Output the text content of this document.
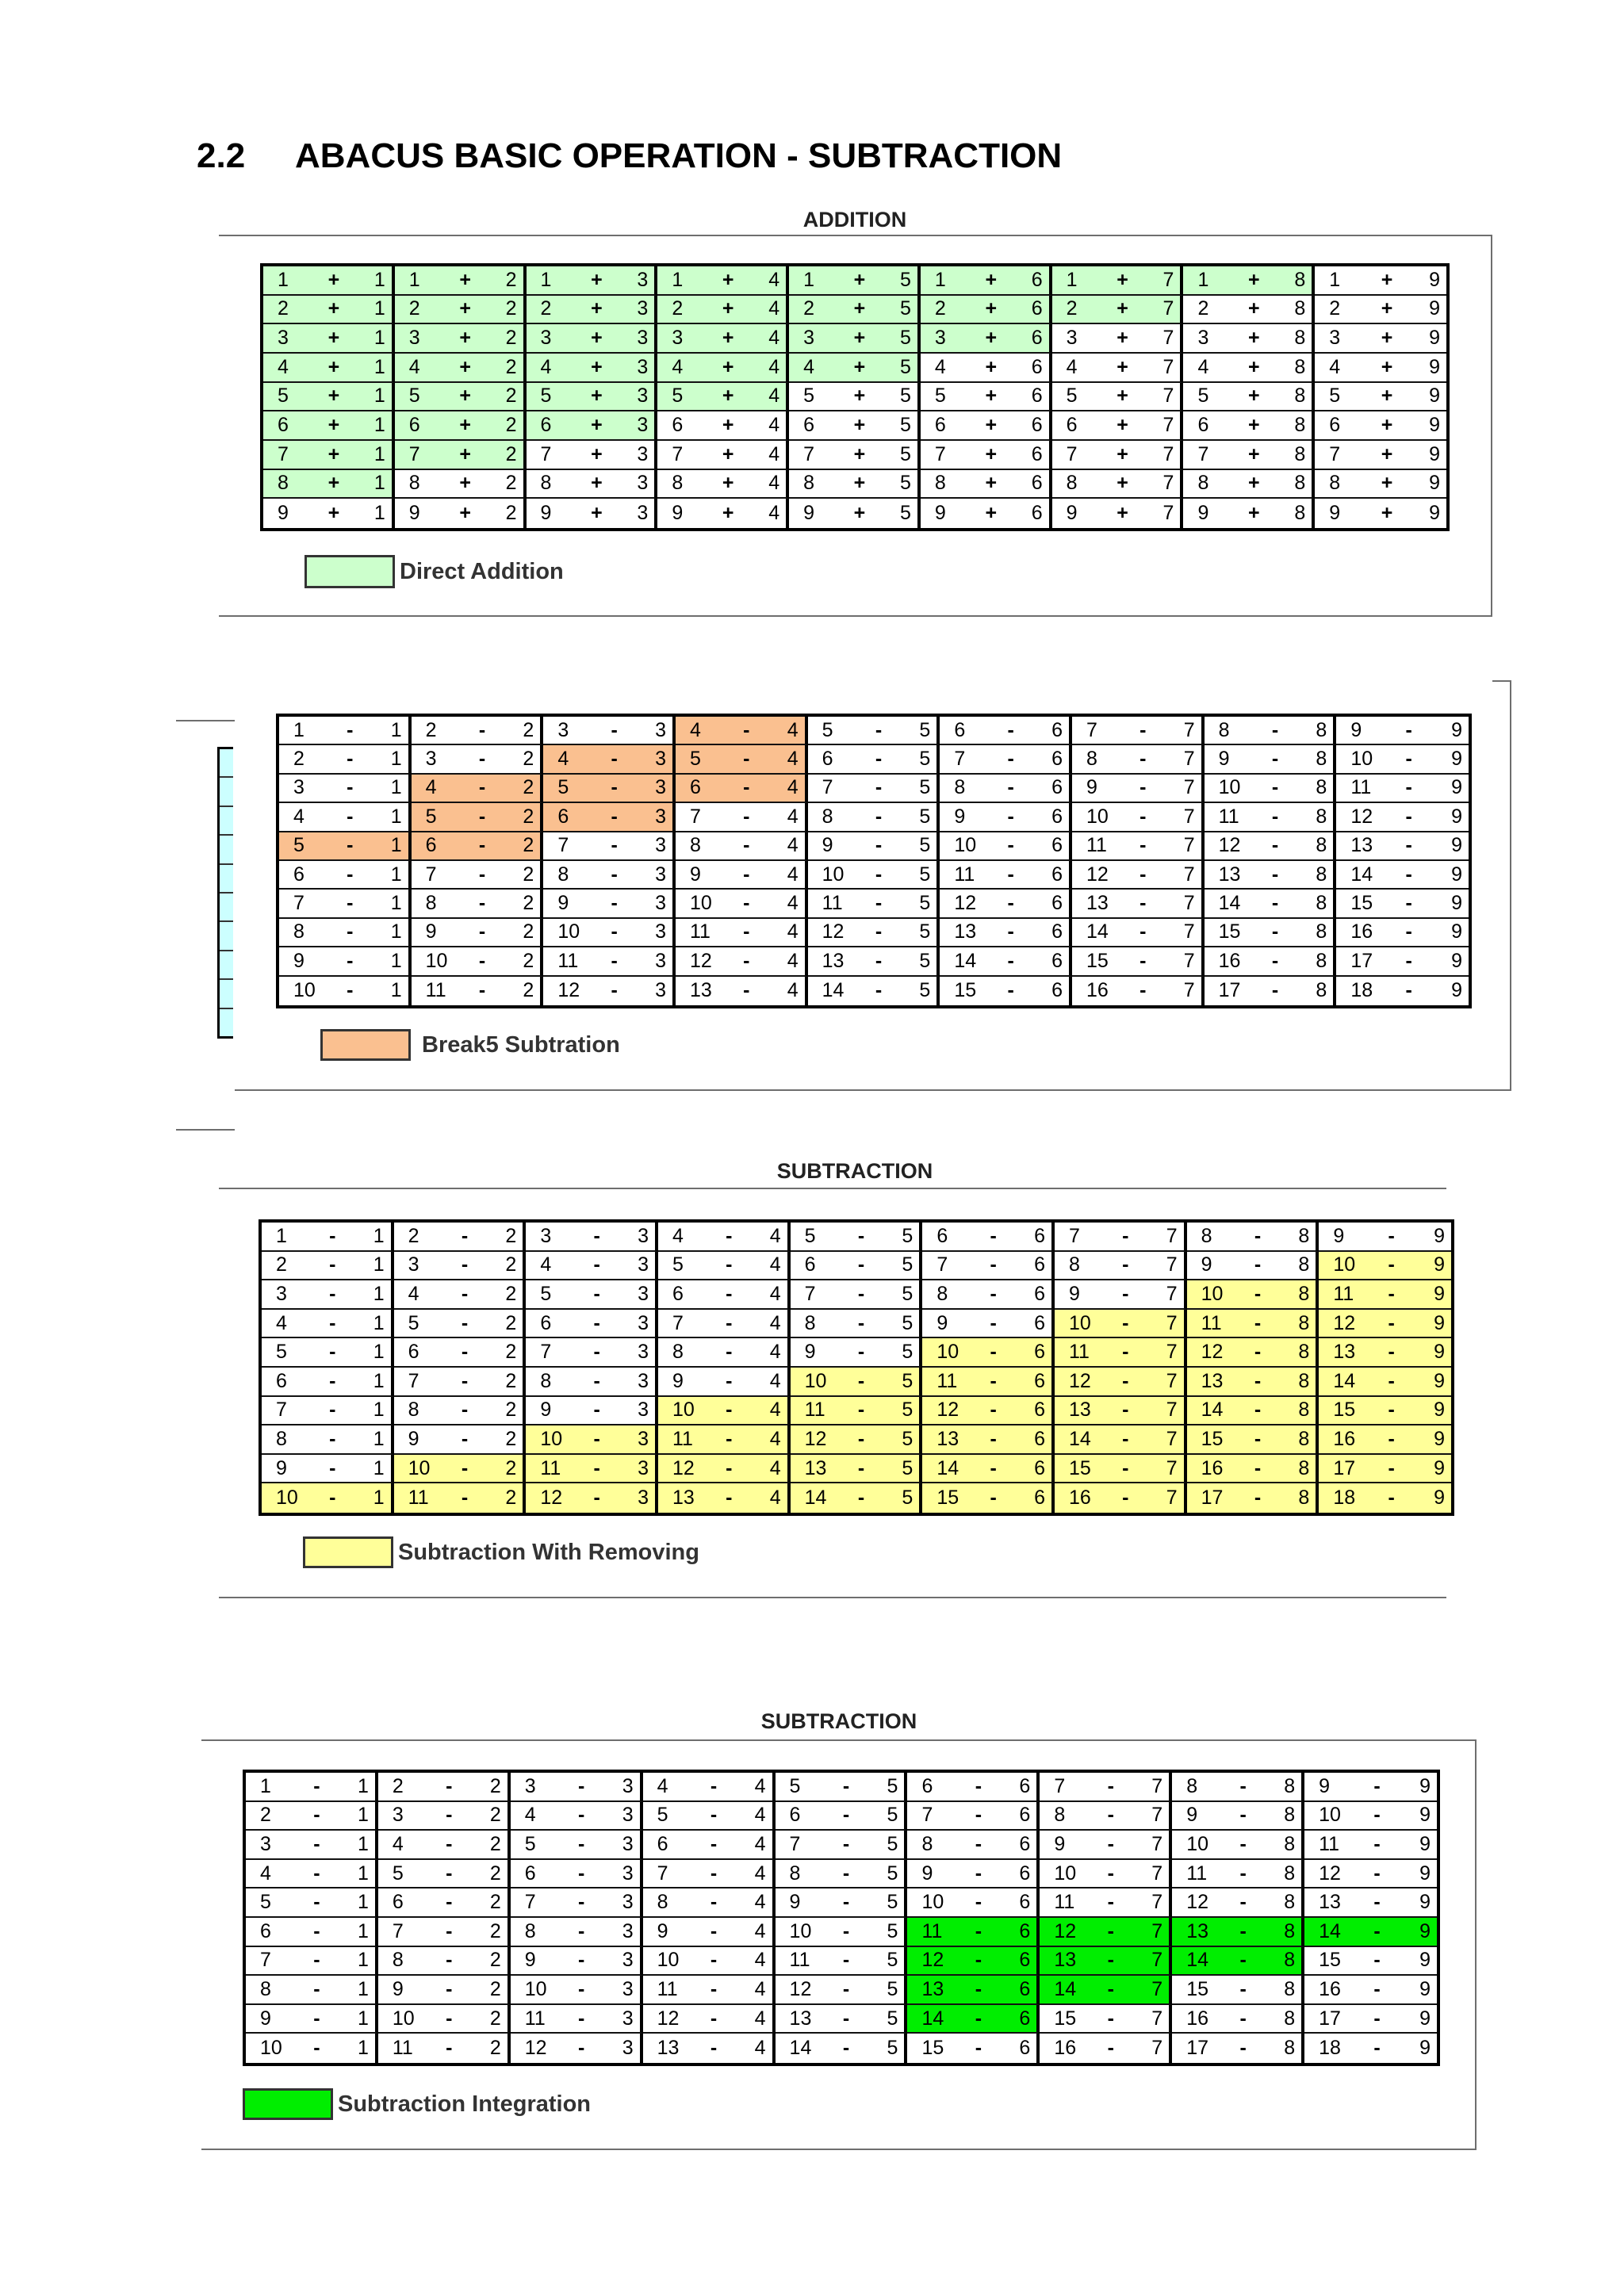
2.2 ABACUS BASIC OPERATION - SUBTRACTION
ADDITION
1	+	1 1	+	2 1	+	3 1	+	4 1	+	5 1	+	6 1	+	7 1	+	8 1	+	9
2	+	1 2	+	2 2	+	3 2	+	4 2	+	5 2	+	6 2	+	7 2	+	8 2	+	9
3	+	1 3	+	2 3	+	3 3	+	4 3	+	5 3	+	6 3	+	7 3	+	8 3	+	9
4	+	1 4	+	2 4	+	3 4	+	4 4	+	5 4	+	6 4	+	7 4	+	8 4	+	9
5	+	1 5	+	2 5	+	3 5	+	4 5	+	5 5	+	6 5	+	7 5	+	8 5	+	9
6	+	1 6	+	2 6	+	3 6	+	4 6	+	5 6	+	6 6	+	7 6	+	8 6	+	9
7	+	1 7	+	2 7	+	3 7	+	4 7	+	5 7	+	6 7	+	7 7	+	8 7	+	9
8	+	1 8	+	2 8	+	3 8	+	4 8	+	5 8	+	6 8	+	7 8	+	8 8	+	9
9	+	1 9	+	2 9	+	3 9	+	4 9	+	5 9	+	6 9	+	7 9	+	8 9	+	9
Direct Addition
1	-	1 2	-	2 3	-	3 4	-	4 5	-	5 6	-	6 7	-	7 8	-	8 9	-	9
2	-	1 3	-	2 4	-	3 5	-	4 6	-	5 7	-	6 8	-	7 9	-	8 10	-	9
3	-	1 4	-	2 5	-	3 6	-	4 7	-	5 8	-	6 9	-	7 10	-	8 11	-	9
4	-	1 5	-	2 6	-	3 7	-	4 8	-	5 9	-	6 10	-	7 11	-	8 12	-	9
5	-	1 6	-	2 7	-	3 8	-	4 9	-	5 10	-	6 11	-	7 12	-	8 13	-	9
6	-	1 7	-	2 8	-	3 9	-	4 10	-	5 11	-	6 12	-	7 13	-	8 14	-	9
7	-	1 8	-	2 9	-	3 10	-	4 11	-	5 12	-	6 13	-	7 14	-	8 15	-	9
8	-	1 9	-	2 10	-	3 11	-	4 12	-	5 13	-	6 14	-	7 15	-	8 16	-	9
9	-	1 10	-	2 11	-	3 12	-	4 13	-	5 14	-	6 15	-	7 16	-	8 17	-	9
10	-	1 11	-	2 12	-	3 13	-	4 14	-	5 15	-	6 16	-	7 17	-	8 18	-	9
Break5 Subtration
SUBTRACTION
1	-	1 2	-	2 3	-	3 4	-	4 5	-	5 6	-	6 7	-	7 8	-	8 9	-	9
2	-	1 3	-	2 4	-	3 5	-	4 6	-	5 7	-	6 8	-	7 9	-	8 10	-	9
3	-	1 4	-	2 5	-	3 6	-	4 7	-	5 8	-	6 9	-	7 10	-	8 11	-	9
4	-	1 5	-	2 6	-	3 7	-	4 8	-	5 9	-	6 10	-	7 11	-	8 12	-	9
5	-	1 6	-	2 7	-	3 8	-	4 9	-	5 10	-	6 11	-	7 12	-	8 13	-	9
6	-	1 7	-	2 8	-	3 9	-	4 10	-	5 11	-	6 12	-	7 13	-	8 14	-	9
7	-	1 8	-	2 9	-	3 10	-	4 11	-	5 12	-	6 13	-	7 14	-	8 15	-	9
8	-	1 9	-	2 10	-	3 11	-	4 12	-	5 13	-	6 14	-	7 15	-	8 16	-	9
9	-	1 10	-	2 11	-	3 12	-	4 13	-	5 14	-	6 15	-	7 16	-	8 17	-	9
10	-	1 11	-	2 12	-	3 13	-	4 14	-	5 15	-	6 16	-	7 17	-	8 18	-	9
Subtraction With Removing
SUBTRACTION
1	-	1 2	-	2 3	-	3 4	-	4 5	-	5 6	-	6 7	-	7 8	-	8 9	-	9
2	-	1 3	-	2 4	-	3 5	-	4 6	-	5 7	-	6 8	-	7 9	-	8 10	-	9
3	-	1 4	-	2 5	-	3 6	-	4 7	-	5 8	-	6 9	-	7 10	-	8 11	-	9
4	-	1 5	-	2 6	-	3 7	-	4 8	-	5 9	-	6 10	-	7 11	-	8 12	-	9
5	-	1 6	-	2 7	-	3 8	-	4 9	-	5 10	-	6 11	-	7 12	-	8 13	-	9
6	-	1 7	-	2 8	-	3 9	-	4 10	-	5 11	-	6 12	-	7 13	-	8 14	-	9
7	-	1 8	-	2 9	-	3 10	-	4 11	-	5 12	-	6 13	-	7 14	-	8 15	-	9
8	-	1 9	-	2 10	-	3 11	-	4 12	-	5 13	-	6 14	-	7 15	-	8 16	-	9
9	-	1 10	-	2 11	-	3 12	-	4 13	-	5 14	-	6 15	-	7 16	-	8 17	-	9
10	-	1 11	-	2 12	-	3 13	-	4 14	-	5 15	-	6 16	-	7 17	-	8 18	-	9
Subtraction Integration
